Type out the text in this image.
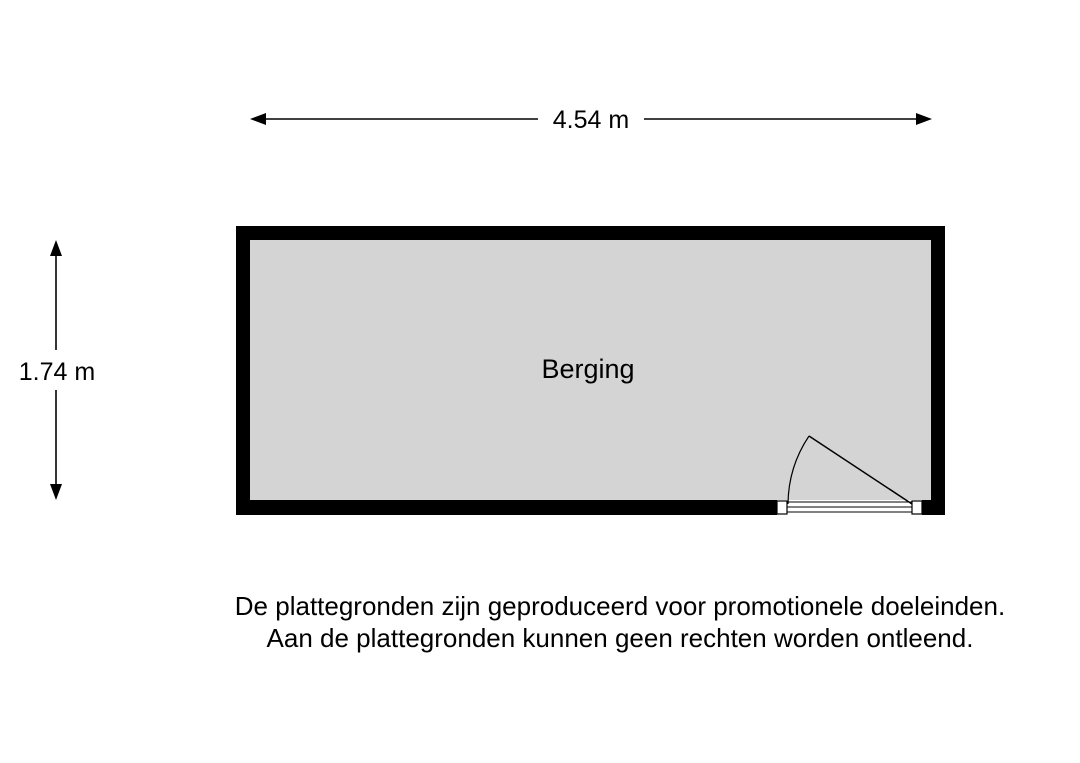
4.54 m
1.74 m	Berging
De plattegronden zijn geproduceerd voor promotionele doeleinden.
Aan de plattegronden kunnen geen rechten worden ontleend.
